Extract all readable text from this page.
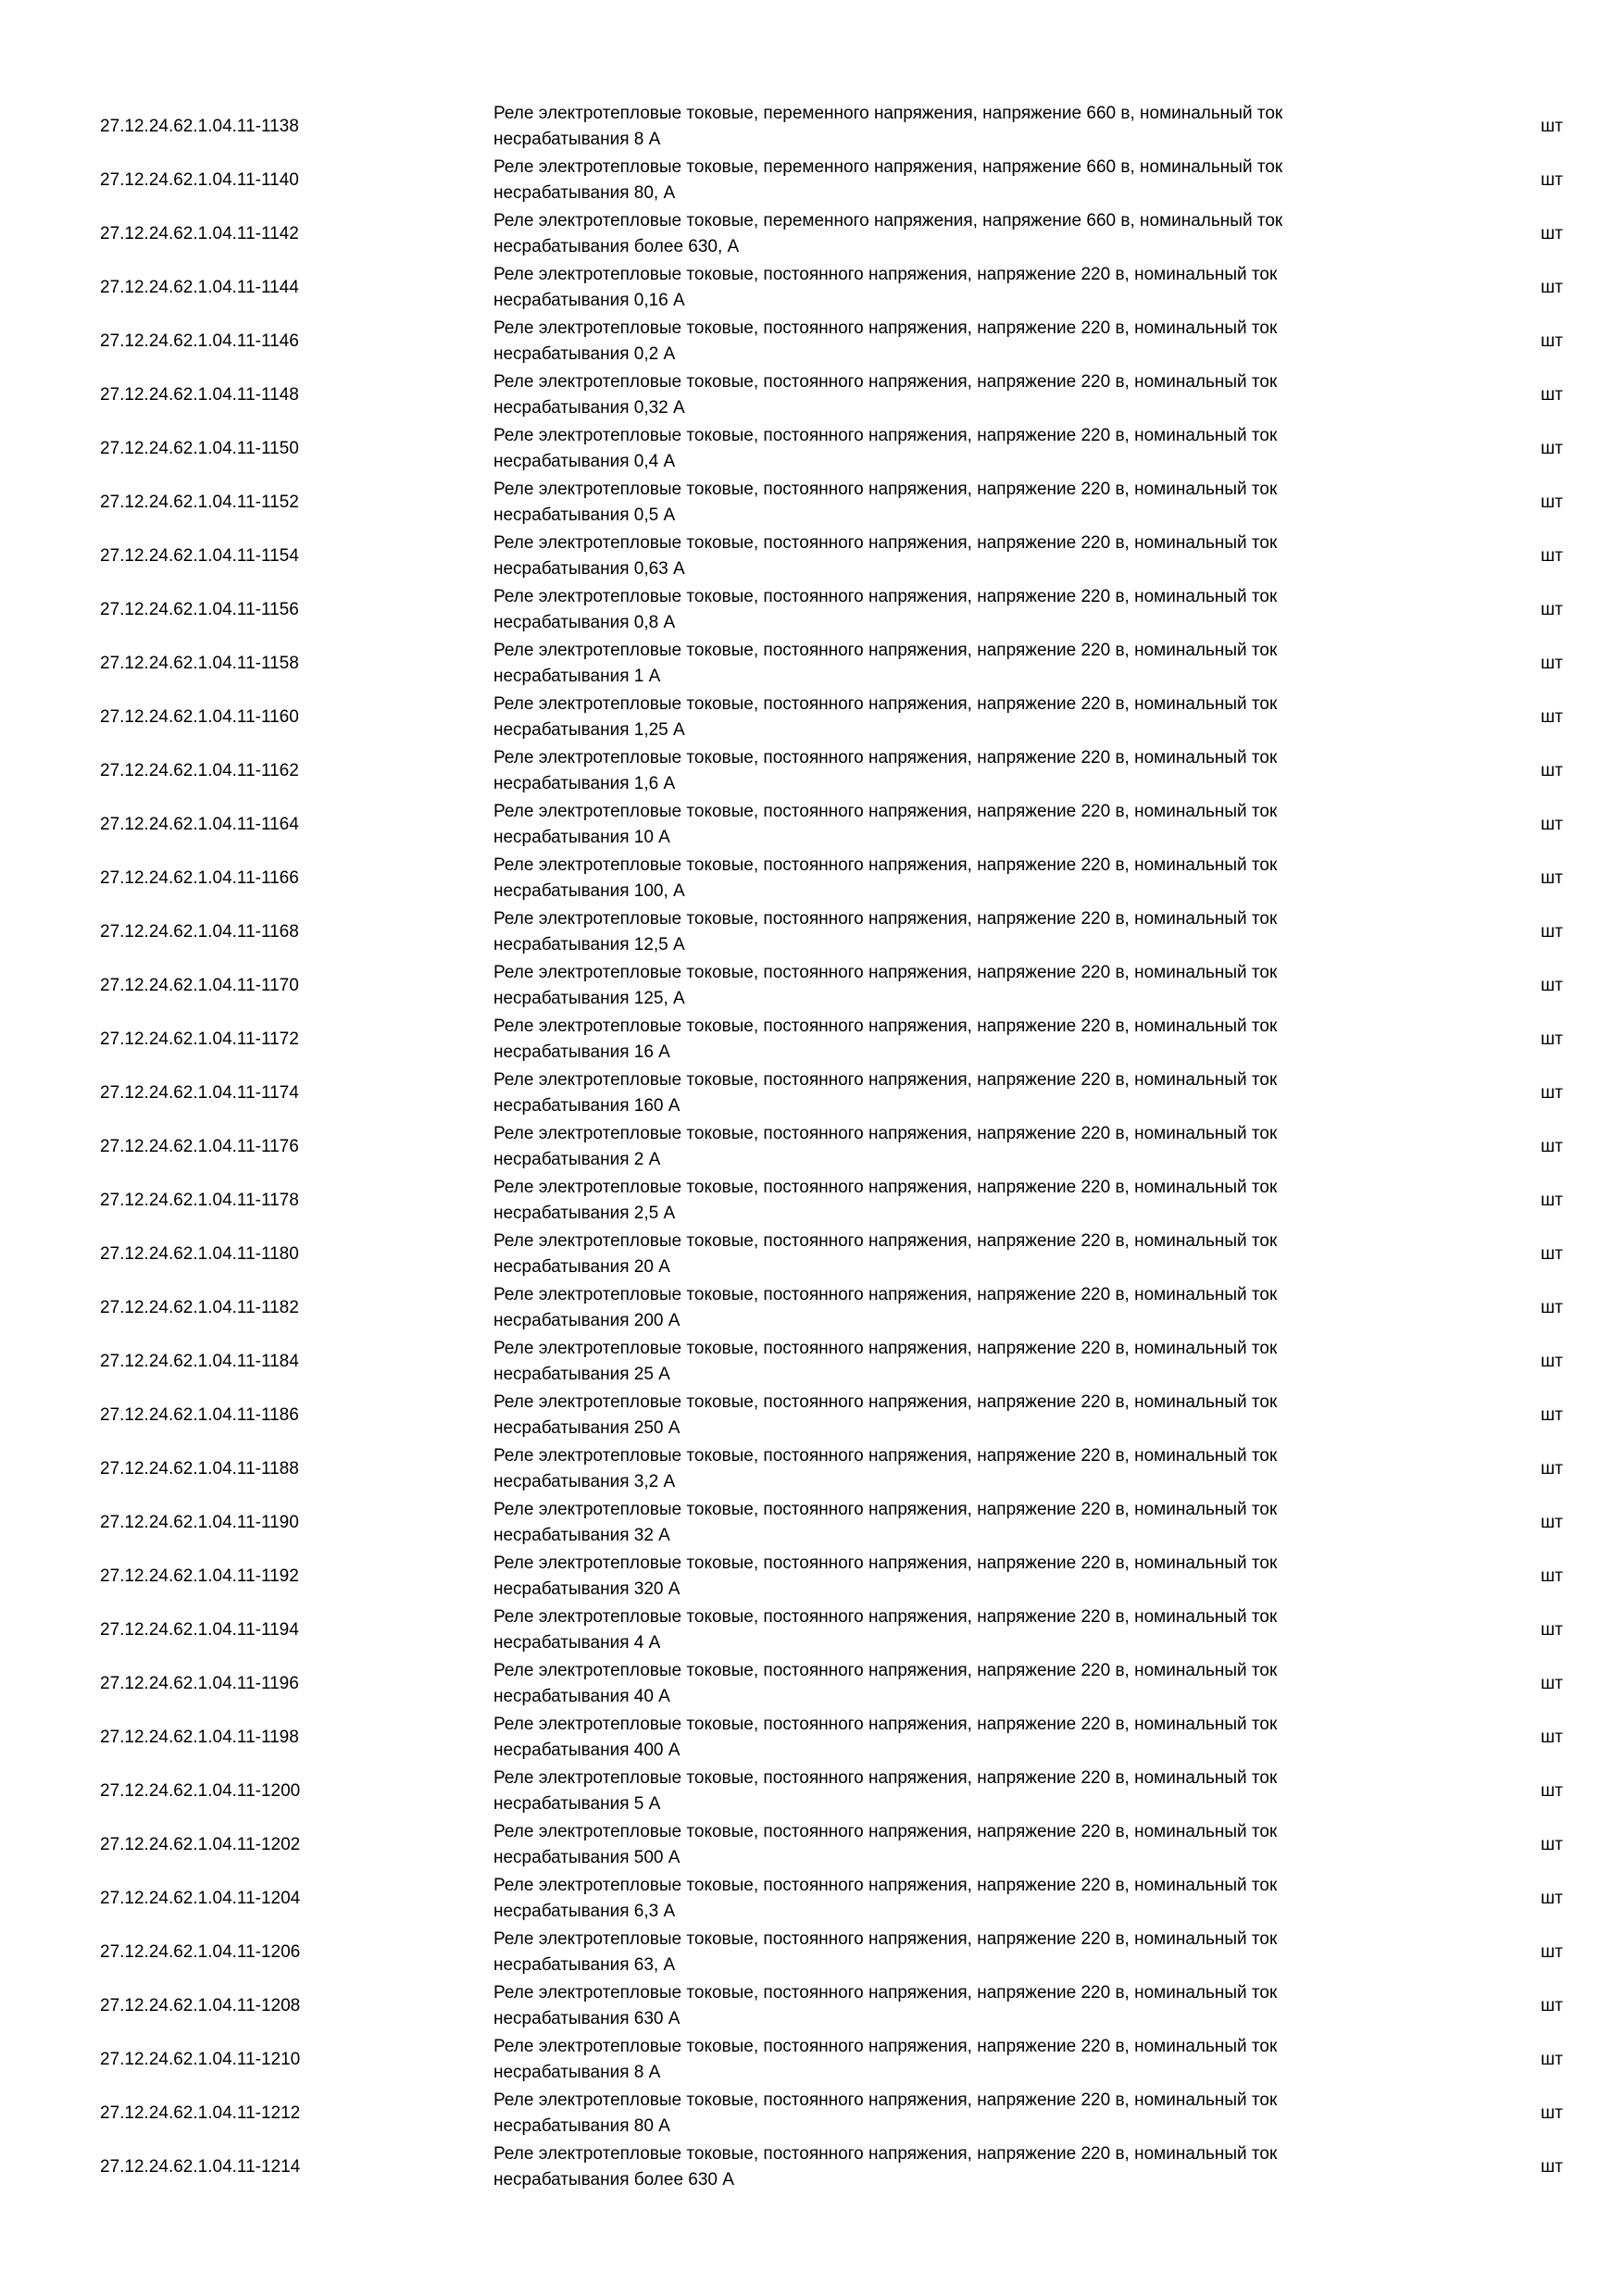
27.12.24.62.1.04.11-1138
Реле электротепловые токовые, переменного напряжения, напряжение 660 в, номинальный ток
несрабатывания 8 А
шт
27.12.24.62.1.04.11-1140
Реле электротепловые токовые, переменного напряжения, напряжение 660 в, номинальный ток
несрабатывания 80, А
шт
27.12.24.62.1.04.11-1142
Реле электротепловые токовые, переменного напряжения, напряжение 660 в, номинальный ток
несрабатывания более 630, А
шт
27.12.24.62.1.04.11-1144
Реле электротепловые токовые, постоянного напряжения, напряжение 220 в, номинальный ток
несрабатывания 0,16 А
шт
27.12.24.62.1.04.11-1146
Реле электротепловые токовые, постоянного напряжения, напряжение 220 в, номинальный ток
несрабатывания 0,2 А
шт
27.12.24.62.1.04.11-1148
Реле электротепловые токовые, постоянного напряжения, напряжение 220 в, номинальный ток
несрабатывания 0,32 А
шт
27.12.24.62.1.04.11-1150
Реле электротепловые токовые, постоянного напряжения, напряжение 220 в, номинальный ток
несрабатывания 0,4 А
шт
27.12.24.62.1.04.11-1152
Реле электротепловые токовые, постоянного напряжения, напряжение 220 в, номинальный ток
несрабатывания 0,5 А
шт
27.12.24.62.1.04.11-1154
Реле электротепловые токовые, постоянного напряжения, напряжение 220 в, номинальный ток
несрабатывания 0,63 А
шт
27.12.24.62.1.04.11-1156
Реле электротепловые токовые, постоянного напряжения, напряжение 220 в, номинальный ток
несрабатывания 0,8 А
шт
27.12.24.62.1.04.11-1158
Реле электротепловые токовые, постоянного напряжения, напряжение 220 в, номинальный ток
несрабатывания 1 А
шт
27.12.24.62.1.04.11-1160
Реле электротепловые токовые, постоянного напряжения, напряжение 220 в, номинальный ток
несрабатывания 1,25 А
шт
27.12.24.62.1.04.11-1162
Реле электротепловые токовые, постоянного напряжения, напряжение 220 в, номинальный ток
несрабатывания 1,6 А
шт
27.12.24.62.1.04.11-1164
Реле электротепловые токовые, постоянного напряжения, напряжение 220 в, номинальный ток
несрабатывания 10 А
шт
27.12.24.62.1.04.11-1166
Реле электротепловые токовые, постоянного напряжения, напряжение 220 в, номинальный ток
несрабатывания 100, А
шт
27.12.24.62.1.04.11-1168
Реле электротепловые токовые, постоянного напряжения, напряжение 220 в, номинальный ток
несрабатывания 12,5 А
шт
27.12.24.62.1.04.11-1170
Реле электротепловые токовые, постоянного напряжения, напряжение 220 в, номинальный ток
несрабатывания 125, А
шт
27.12.24.62.1.04.11-1172
Реле электротепловые токовые, постоянного напряжения, напряжение 220 в, номинальный ток
несрабатывания 16 А
шт
27.12.24.62.1.04.11-1174
Реле электротепловые токовые, постоянного напряжения, напряжение 220 в, номинальный ток
несрабатывания 160 А
шт
27.12.24.62.1.04.11-1176
Реле электротепловые токовые, постоянного напряжения, напряжение 220 в, номинальный ток
несрабатывания 2 А
шт
27.12.24.62.1.04.11-1178
Реле электротепловые токовые, постоянного напряжения, напряжение 220 в, номинальный ток
несрабатывания 2,5 А
шт
27.12.24.62.1.04.11-1180
Реле электротепловые токовые, постоянного напряжения, напряжение 220 в, номинальный ток
несрабатывания 20 А
шт
27.12.24.62.1.04.11-1182
Реле электротепловые токовые, постоянного напряжения, напряжение 220 в, номинальный ток
несрабатывания 200 А
шт
27.12.24.62.1.04.11-1184
Реле электротепловые токовые, постоянного напряжения, напряжение 220 в, номинальный ток
несрабатывания 25 А
шт
27.12.24.62.1.04.11-1186
Реле электротепловые токовые, постоянного напряжения, напряжение 220 в, номинальный ток
несрабатывания 250 А
шт
27.12.24.62.1.04.11-1188
Реле электротепловые токовые, постоянного напряжения, напряжение 220 в, номинальный ток
несрабатывания 3,2 А
шт
27.12.24.62.1.04.11-1190
Реле электротепловые токовые, постоянного напряжения, напряжение 220 в, номинальный ток
несрабатывания 32 А
шт
27.12.24.62.1.04.11-1192
Реле электротепловые токовые, постоянного напряжения, напряжение 220 в, номинальный ток
несрабатывания 320 А
шт
27.12.24.62.1.04.11-1194
Реле электротепловые токовые, постоянного напряжения, напряжение 220 в, номинальный ток
несрабатывания 4 А
шт
27.12.24.62.1.04.11-1196
Реле электротепловые токовые, постоянного напряжения, напряжение 220 в, номинальный ток
несрабатывания 40 А
шт
27.12.24.62.1.04.11-1198
Реле электротепловые токовые, постоянного напряжения, напряжение 220 в, номинальный ток
несрабатывания 400 А
шт
27.12.24.62.1.04.11-1200
Реле электротепловые токовые, постоянного напряжения, напряжение 220 в, номинальный ток
несрабатывания 5 А
шт
27.12.24.62.1.04.11-1202
Реле электротепловые токовые, постоянного напряжения, напряжение 220 в, номинальный ток
несрабатывания 500 А
шт
27.12.24.62.1.04.11-1204
Реле электротепловые токовые, постоянного напряжения, напряжение 220 в, номинальный ток
несрабатывания 6,3 А
шт
27.12.24.62.1.04.11-1206
Реле электротепловые токовые, постоянного напряжения, напряжение 220 в, номинальный ток
несрабатывания 63, А
шт
27.12.24.62.1.04.11-1208
Реле электротепловые токовые, постоянного напряжения, напряжение 220 в, номинальный ток
несрабатывания 630 А
шт
27.12.24.62.1.04.11-1210
Реле электротепловые токовые, постоянного напряжения, напряжение 220 в, номинальный ток
несрабатывания 8 А
шт
27.12.24.62.1.04.11-1212
Реле электротепловые токовые, постоянного напряжения, напряжение 220 в, номинальный ток
несрабатывания 80 А
шт
27.12.24.62.1.04.11-1214
Реле электротепловые токовые, постоянного напряжения, напряжение 220 в, номинальный ток
несрабатывания более 630 А
шт
